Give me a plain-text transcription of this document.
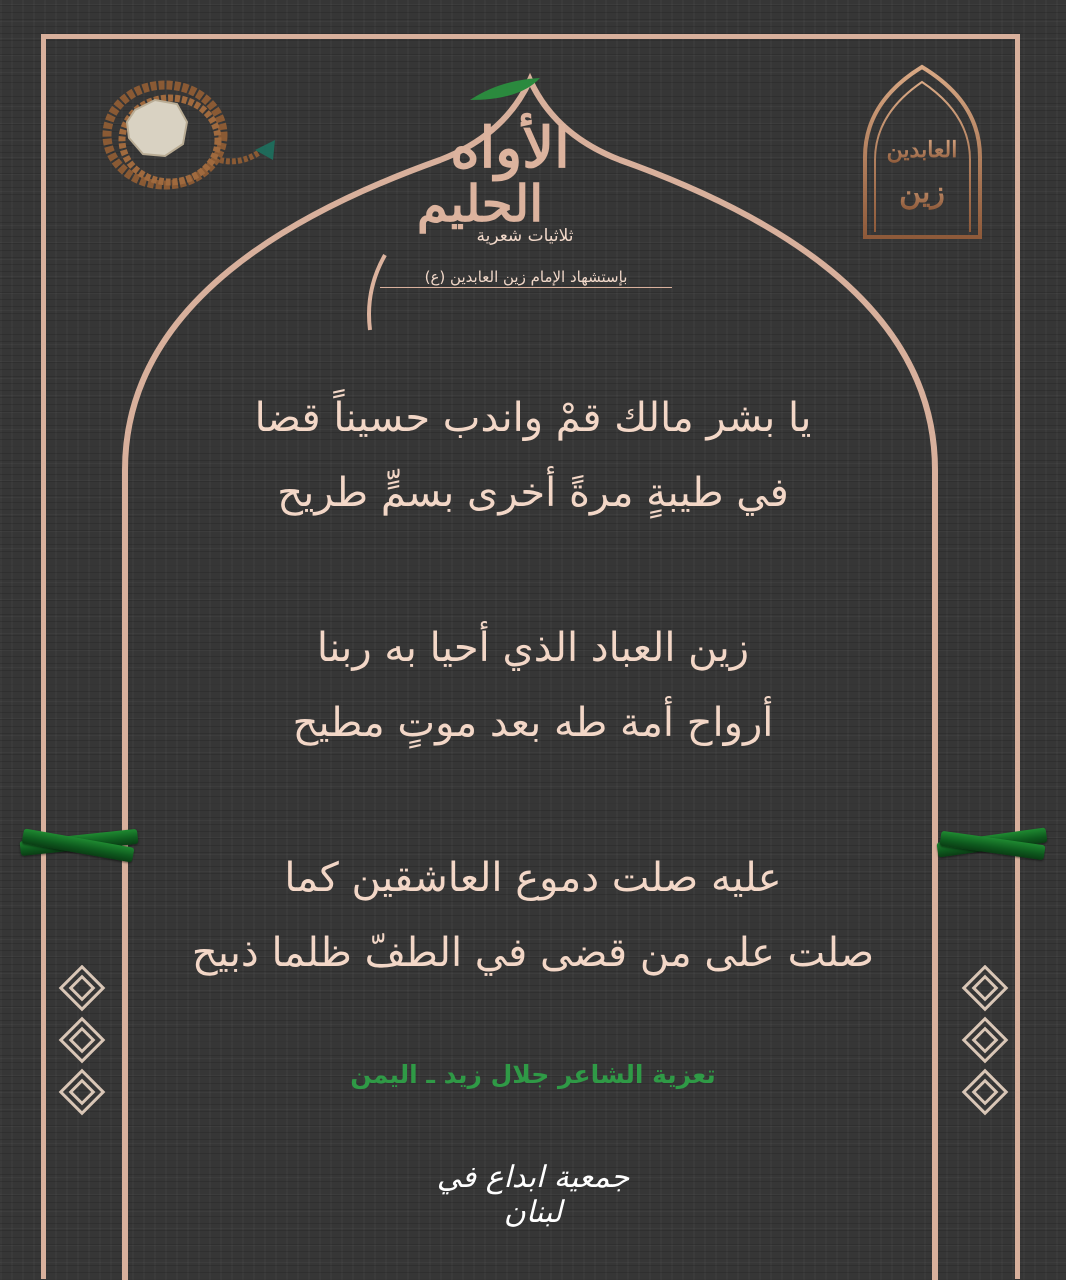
زين
العابدين
الأواه
الحليم
ثلاثيات شعرية
بإستشهاد الإمام زين العابدين (ع)
يا بشر مالك قمْ واندب حسيناً قضا
في طيبةٍ مرةً أخرى بسمٍّ طريح
زين العباد الذي أحيا به ربنا
أرواح أمة طه بعد موتٍ مطيح
عليه صلت دموع العاشقين كما
صلت على من قضى في الطفّ ظلما ذبيح
تعزية الشاعر جلال زيد ـ اليمن
جمعية ابداع في لبنان
